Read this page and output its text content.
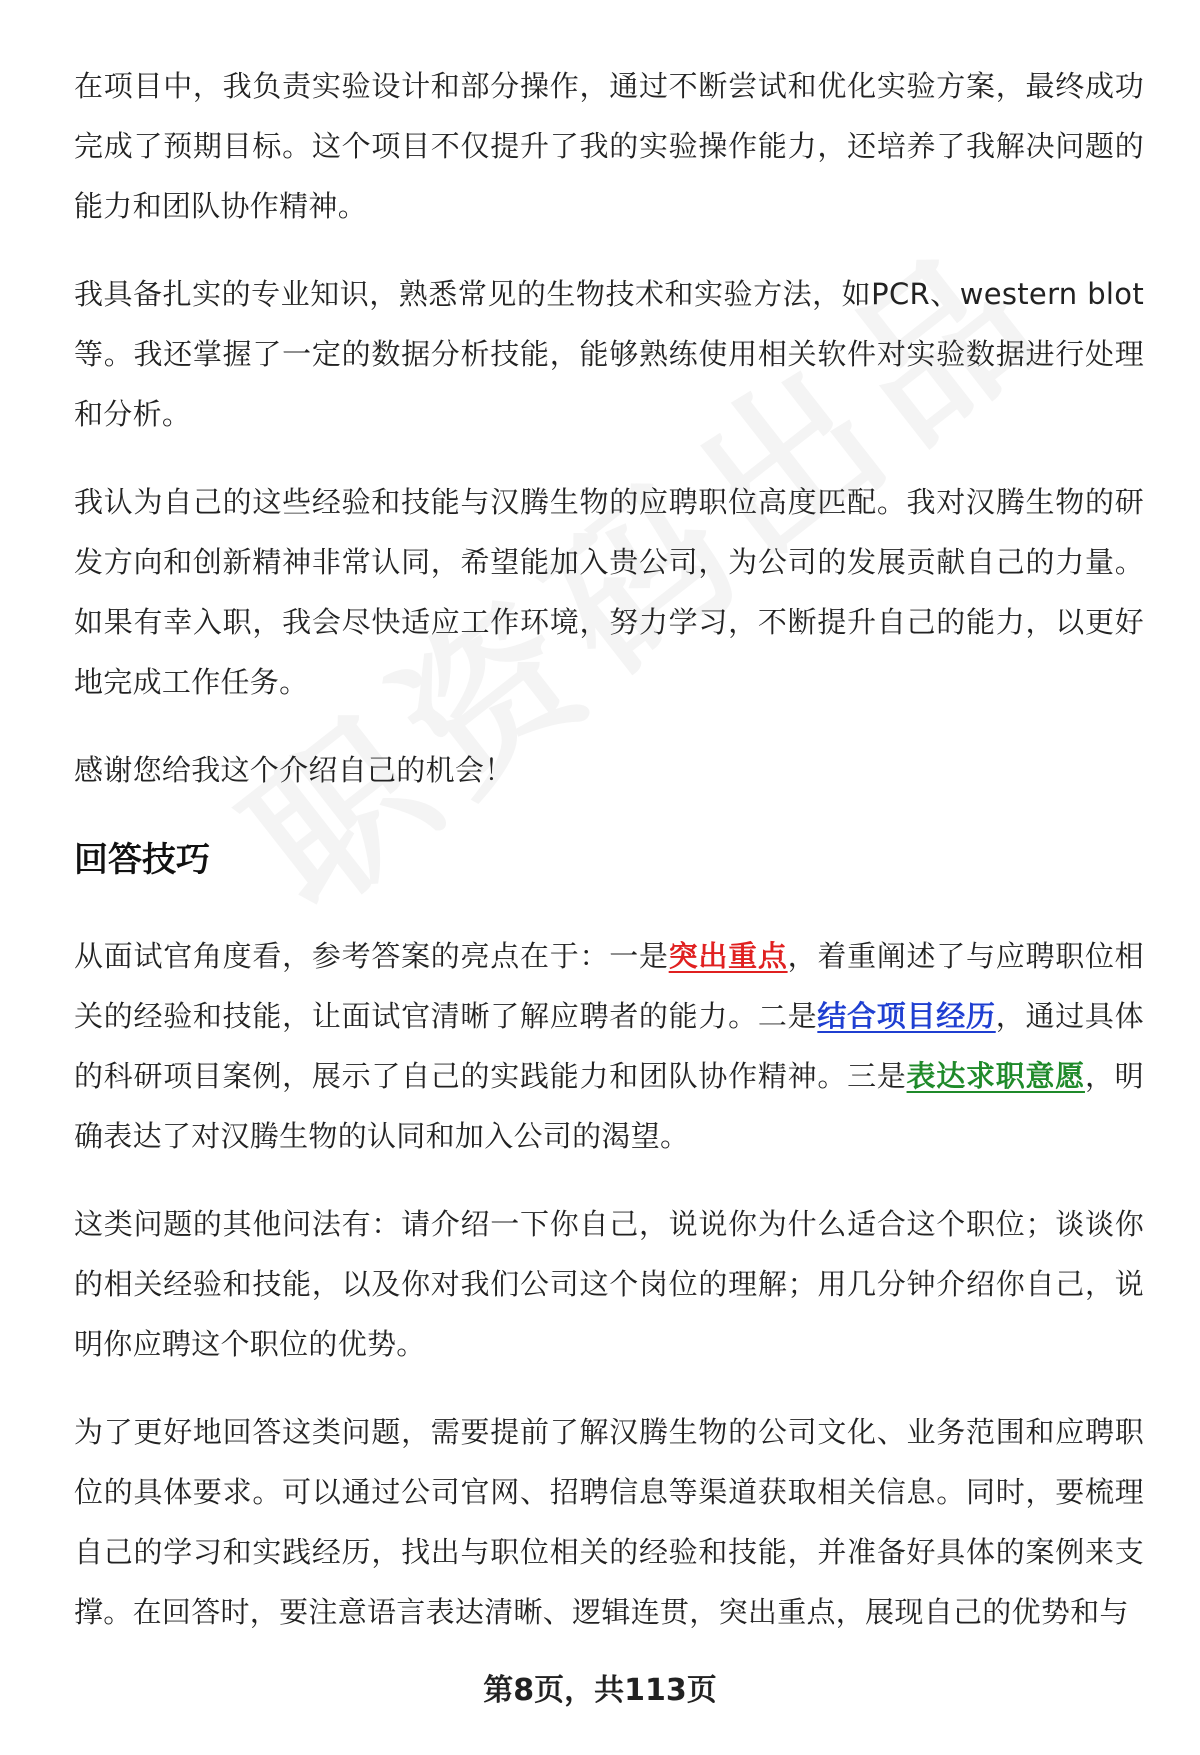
在项目中，我负责实验设计和部分操作，通过不断尝试和优化实验方案，最终成功完成了预期目标。这个项目不仅提升了我的实验操作能力，还培养了我解决问题的能力和团队协作精神。

我具备扎实的专业知识，熟悉常见的生物技术和实验方法，如PCR、western blot等。我还掌握了一定的数据分析技能，能够熟练使用相关软件对实验数据进行处理和分析。

我认为自己的这些经验和技能与汉腾生物的应聘职位高度匹配。我对汉腾生物的研发方向和创新精神非常认同，希望能加入贵公司，为公司的发展贡献自己的力量。如果有幸入职，我会尽快适应工作环境，努力学习，不断提升自己的能力，以更好地完成工作任务。

感谢您给我这个介绍自己的机会！

回答技巧

从面试官角度看，参考答案的亮点在于：一是突出重点，着重阐述了与应聘职位相关的经验和技能，让面试官清晰了解应聘者的能力。二是结合项目经历，通过具体的科研项目案例，展示了自己的实践能力和团队协作精神。三是表达求职意愿，明确表达了对汉腾生物的认同和加入公司的渴望。

这类问题的其他问法有：请介绍一下你自己，说说你为什么适合这个职位；谈谈你的相关经验和技能，以及你对我们公司这个岗位的理解；用几分钟介绍你自己，说明你应聘这个职位的优势。

为了更好地回答这类问题，需要提前了解汉腾生物的公司文化、业务范围和应聘职位的具体要求。可以通过公司官网、招聘信息等渠道获取相关信息。同时，要梳理自己的学习和实践经历，找出与职位相关的经验和技能，并准备好具体的案例来支撑。在回答时，要注意语言表达清晰、逻辑连贯，突出重点，展现自己的优势和与

第8页，共113页
